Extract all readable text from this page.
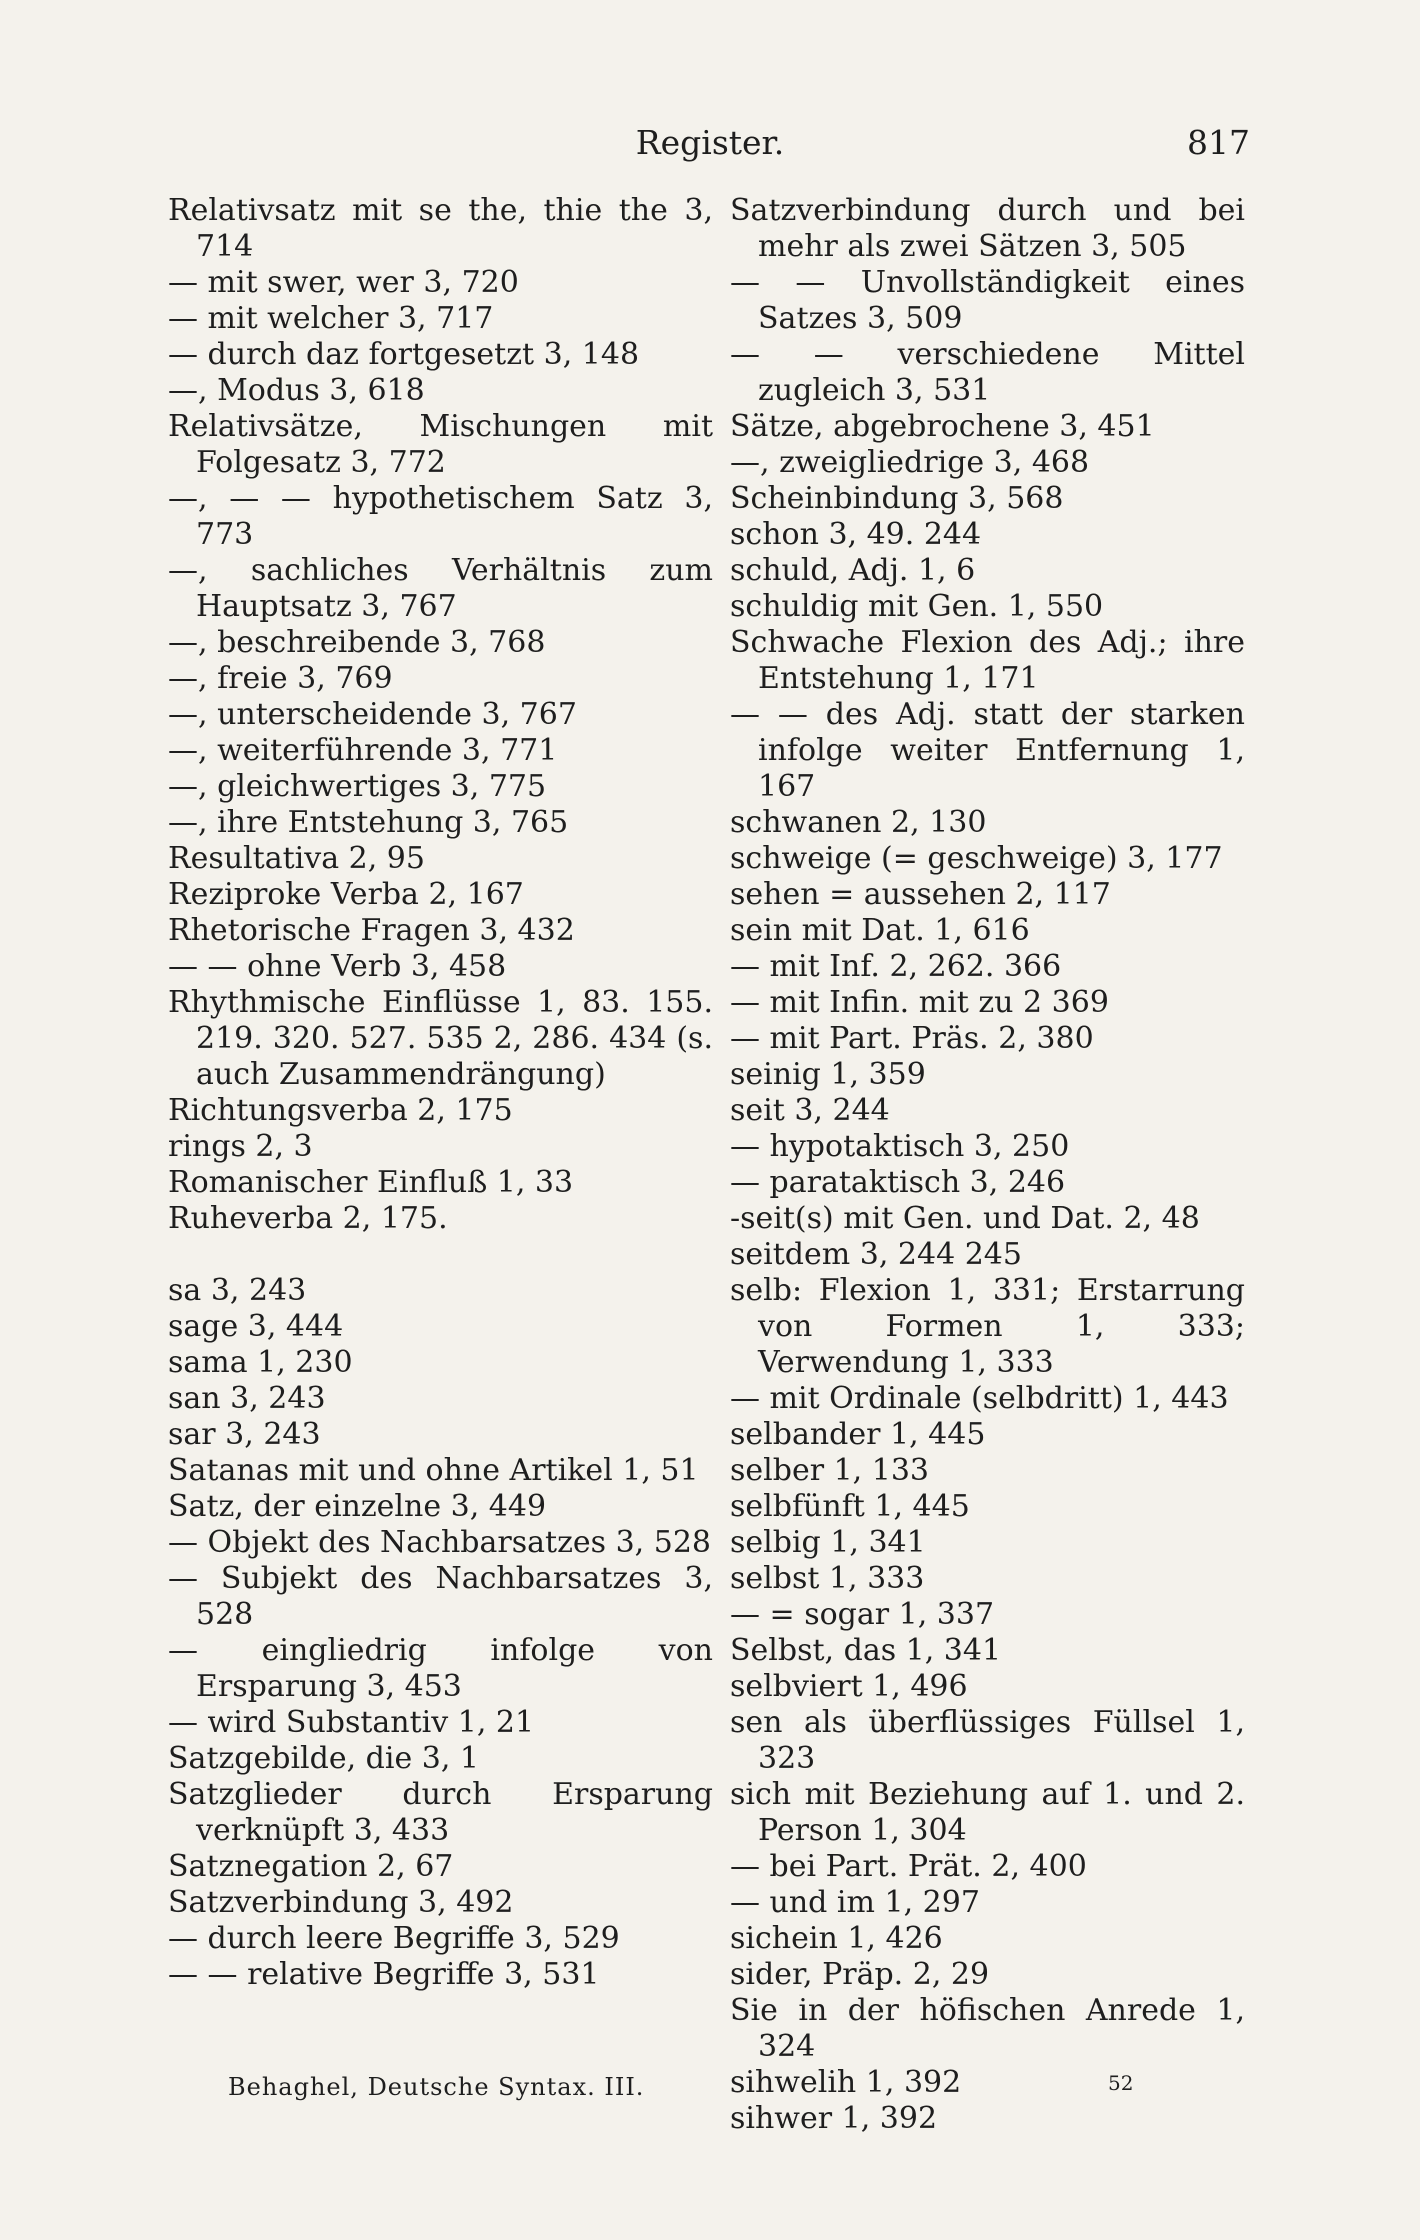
Register.	817
Relativsatz mit se the, thie the 3, 714
— mit swer, wer 3, 720
— mit welcher 3, 717
— durch daz fortgesetzt 3, 148
—, Modus 3, 618
Relativsätze, Mischungen mit Folgesatz 3, 772
—, — — hypothetischem Satz 3, 773
—, sachliches Verhältnis zum Hauptsatz 3, 767
—, beschreibende 3, 768
—, freie 3, 769
—, unterscheidende 3, 767
—, weiterführende 3, 771
—, gleichwertiges 3, 775
—, ihre Entstehung 3, 765
Resultativa 2, 95
Reziproke Verba 2, 167
Rhetorische Fragen 3, 432
— — ohne Verb 3, 458
Rhythmische Einflüsse 1, 83. 155. 219. 320. 527. 535 2, 286. 434 (s. auch Zusammendrängung)
Richtungsverba 2, 175
rings 2, 3
Romanischer Einfluß 1, 33
Ruheverba 2, 175.
sa 3, 243
sage 3, 444
sama 1, 230
san 3, 243
sar 3, 243
Satanas mit und ohne Artikel 1, 51
Satz, der einzelne 3, 449
— Objekt des Nachbarsatzes 3, 528
— Subjekt des Nachbarsatzes 3, 528
— eingliedrig infolge von Ersparung 3, 453
— wird Substantiv 1, 21
Satzgebilde, die 3, 1
Satzglieder durch Ersparung verknüpft 3, 433
Satznegation 2, 67
Satzverbindung 3, 492
— durch leere Begriffe 3, 529
— — relative Begriffe 3, 531
Satzverbindung durch und bei mehr als zwei Sätzen 3, 505
— — Unvollständigkeit eines Satzes 3, 509
— — verschiedene Mittel zugleich 3, 531
Sätze, abgebrochene 3, 451
—, zweigliedrige 3, 468
Scheinbindung 3, 568
schon 3, 49. 244
schuld, Adj. 1, 6
schuldig mit Gen. 1, 550
Schwache Flexion des Adj.; ihre Entstehung 1, 171
— — des Adj. statt der starken infolge weiter Entfernung 1, 167
schwanen 2, 130
schweige (= geschweige) 3, 177
sehen = aussehen 2, 117
sein mit Dat. 1, 616
— mit Inf. 2, 262. 366
— mit Infin. mit zu 2 369
— mit Part. Präs. 2, 380
seinig 1, 359
seit 3, 244
— hypotaktisch 3, 250
— parataktisch 3, 246
-seit(s) mit Gen. und Dat. 2, 48
seitdem 3, 244 245
selb: Flexion 1, 331; Erstarrung von Formen 1, 333; Verwendung 1, 333
— mit Ordinale (selbdritt) 1, 443
selbander 1, 445
selber 1, 133
selbfünft 1, 445
selbig 1, 341
selbst 1, 333
— = sogar 1, 337
Selbst, das 1, 341
selbviert 1, 496
sen als überflüssiges Füllsel 1, 323
sich mit Beziehung auf 1. und 2. Person 1, 304
— bei Part. Prät. 2, 400
— und im 1, 297
sichein 1, 426
sider, Präp. 2, 29
Sie in der höfischen Anrede 1, 324
sihwelih 1, 392
sihwer 1, 392
Behaghel, Deutsche Syntax. III.	52
